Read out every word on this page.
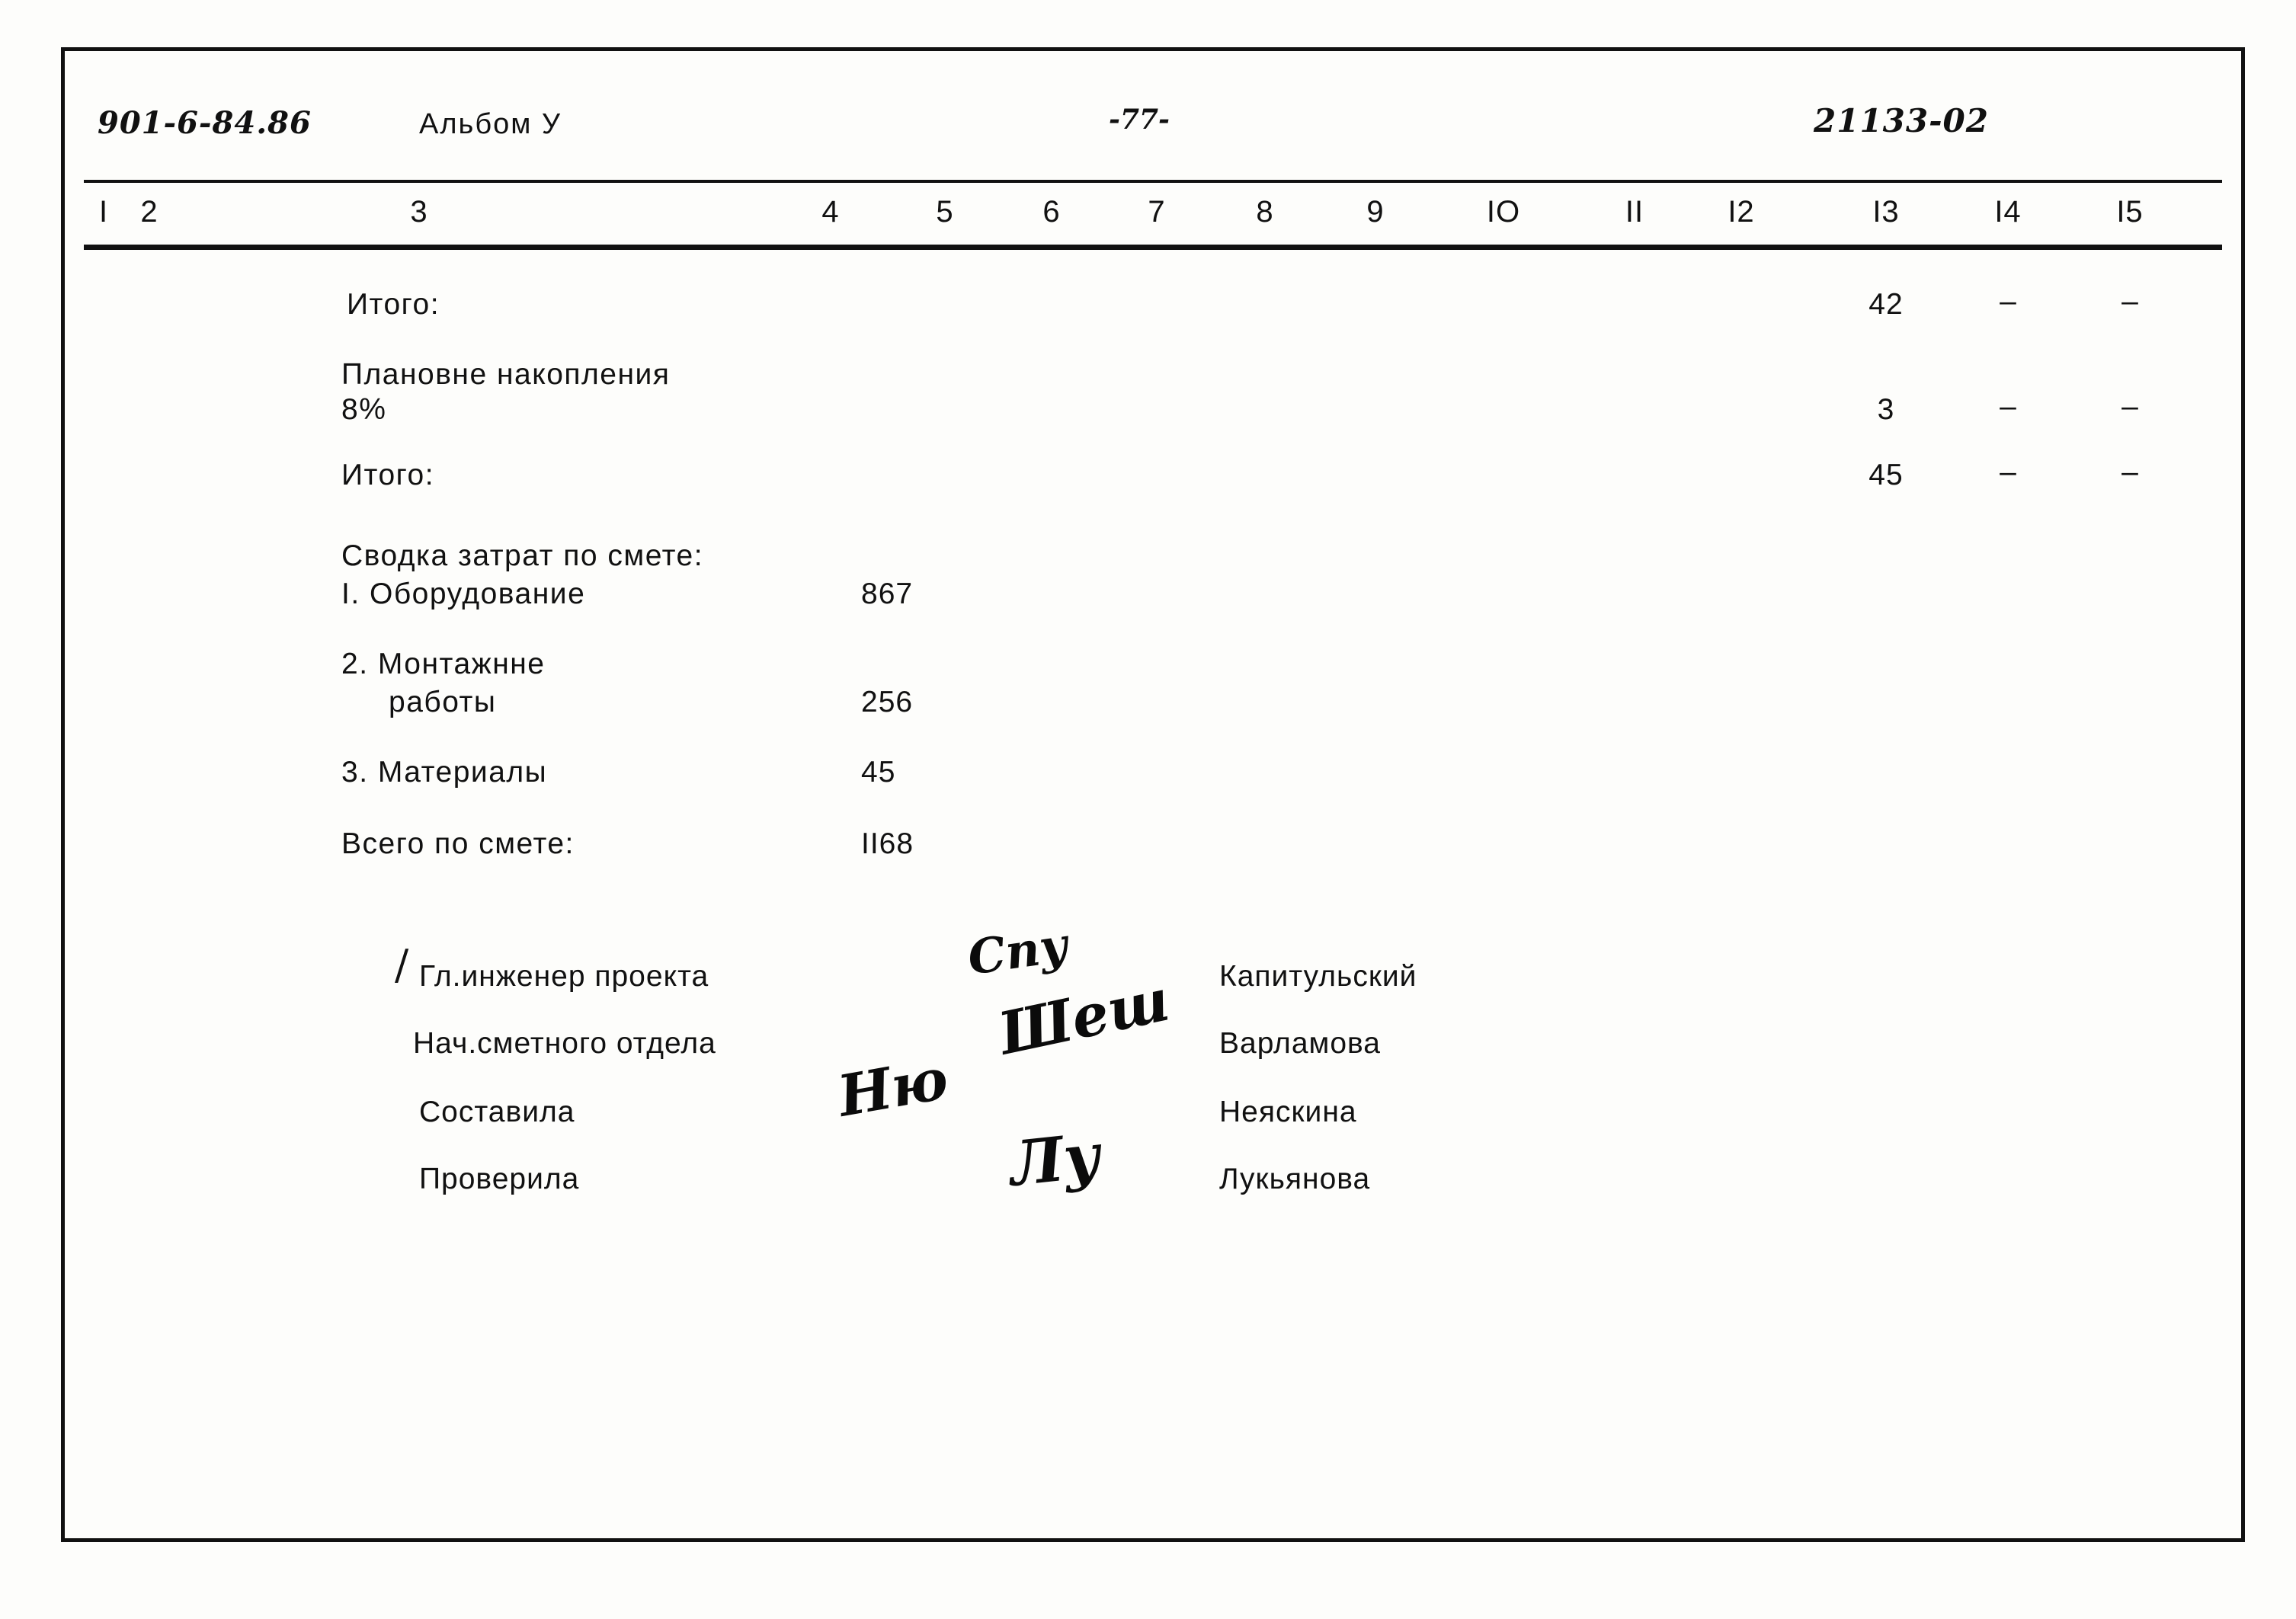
901-6-84.86	Альбом У	-77-	21133-02
I	2	3	4	5	6	7	8	9	IO	II	I2	I3	I4	I5
Итого:	42	–	–
Плановне накопления
8%	3	–	–
Итого:	45	–	–
Сводка затрат по смете:
I. Оборудование	867
2. Монтажнне
работы	256
3. Материалы	45
Всего по смете:	II68
/ Гл.инженер проекта	Капитульский
Нач.сметного отдела	Варламова
Составила	Неяскина
Проверила	Лукьянова
Спу
Шеш
Ню
Лу
